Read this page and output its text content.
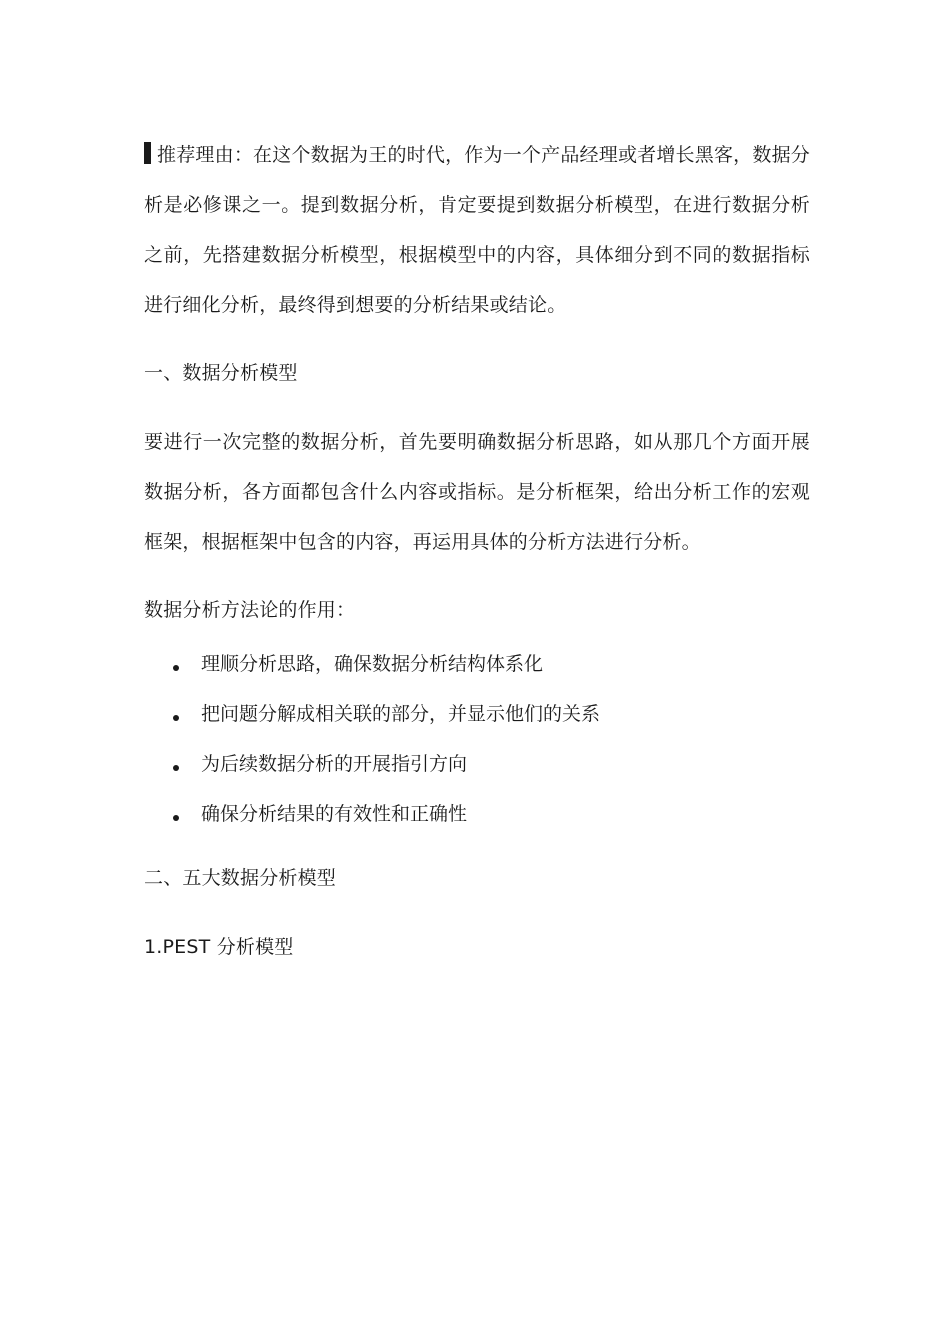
推荐理由：在这个数据为王的时代，作为一个产品经理或者增长黑客，数据分析是必修课之一。提到数据分析，肯定要提到数据分析模型，在进行数据分析之前，先搭建数据分析模型，根据模型中的内容，具体细分到不同的数据指标进行细化分析，最终得到想要的分析结果或结论。

一、数据分析模型

要进行一次完整的数据分析，首先要明确数据分析思路，如从那几个方面开展数据分析，各方面都包含什么内容或指标。是分析框架，给出分析工作的宏观框架，根据框架中包含的内容，再运用具体的分析方法进行分析。

数据分析方法论的作用：

理顺分析思路，确保数据分析结构体系化
把问题分解成相关联的部分，并显示他们的关系
为后续数据分析的开展指引方向
确保分析结果的有效性和正确性
二、五大数据分析模型
1.PEST 分析模型
